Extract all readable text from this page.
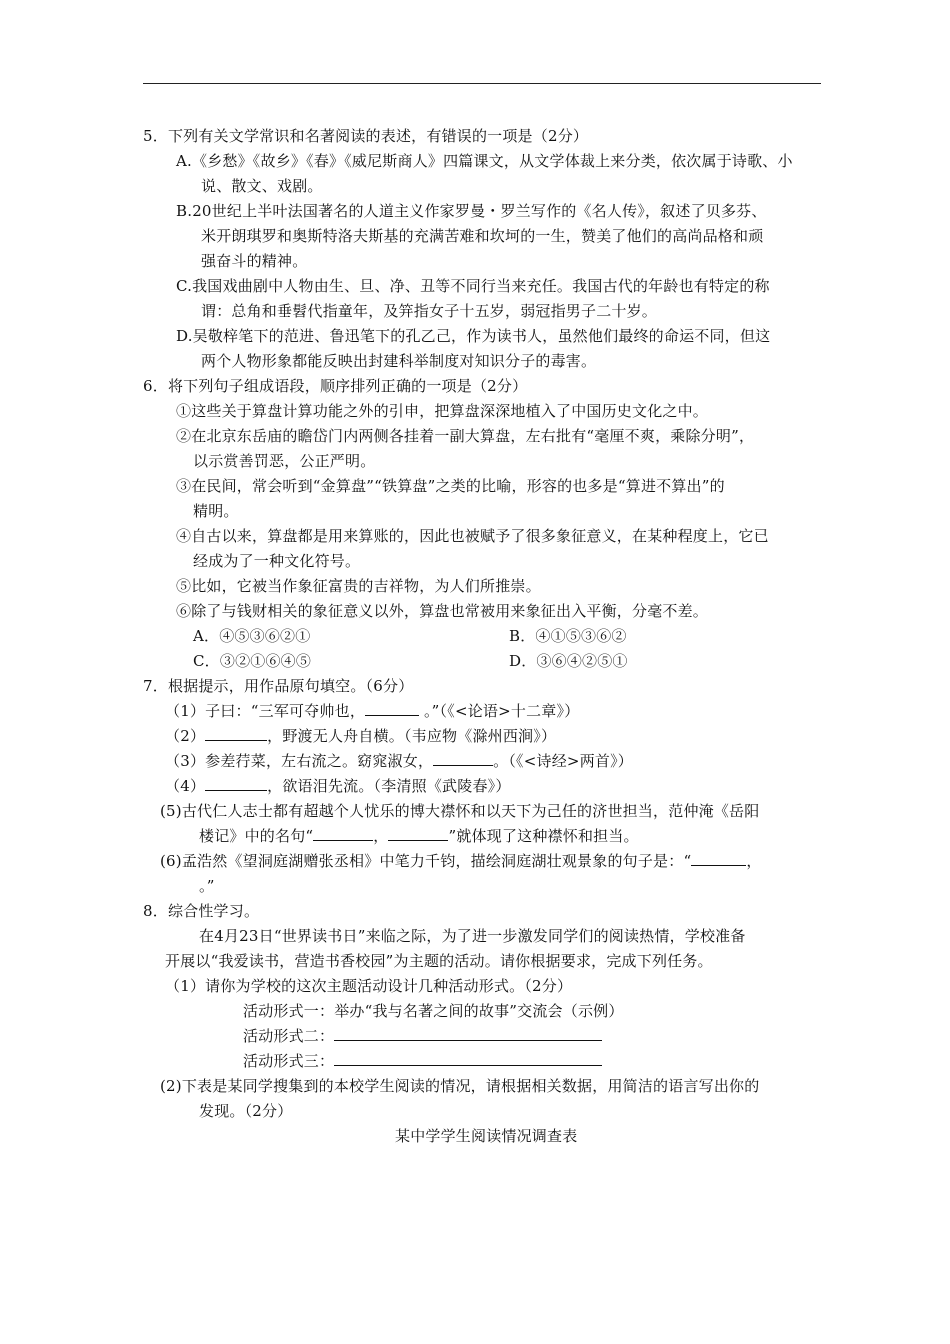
5．下列有关文学常识和名著阅读的表述，有错误的一项是（2分）
A.《乡愁》《故乡》《春》《威尼斯商人》四篇课文，从文学体裁上来分类，依次属于诗歌、小
说、散文、戏剧。
B.20世纪上半叶法国著名的人道主义作家罗曼・罗兰写作的《名人传》，叙述了贝多芬、
米开朗琪罗和奥斯特洛夫斯基的充满苦难和坎坷的一生，赞美了他们的高尚品格和顽
强奋斗的精神。
C.我国戏曲剧中人物由生、旦、净、丑等不同行当来充任。我国古代的年龄也有特定的称
谓：总角和垂髫代指童年，及笄指女子十五岁，弱冠指男子二十岁。
D.吴敬梓笔下的范进、鲁迅笔下的孔乙己，作为读书人，虽然他们最终的命运不同，但这
两个人物形象都能反映出封建科举制度对知识分子的毒害。
6．将下列句子组成语段，顺序排列正确的一项是（2分）
①这些关于算盘计算功能之外的引申，把算盘深深地植入了中国历史文化之中。
②在北京东岳庙的瞻岱门内两侧各挂着一副大算盘，左右批有“毫厘不爽，乘除分明”，
以示赏善罚恶，公正严明。
③在民间，常会听到“金算盘”“铁算盘”之类的比喻，形容的也多是“算进不算出”的
精明。
④自古以来，算盘都是用来算账的，因此也被赋予了很多象征意义，在某种程度上，它已
经成为了一种文化符号。
⑤比如，它被当作象征富贵的吉祥物，为人们所推崇。
⑥除了与钱财相关的象征意义以外，算盘也常被用来象征出入平衡，分毫不差。
A．④⑤③⑥②①	B．④①⑤③⑥②
C．③②①⑥④⑤	D．③⑥④②⑤①
7．根据提示，用作品原句填空。（6分）
（1）子曰：“三军可夺帅也，	。”（《<论语>十二章》）
（2）	，野渡无人舟自横。（韦应物《滁州西涧》）
（3）参差荇菜，左右流之。窈窕淑女，	。（《<诗经>两首》）
（4）	，欲语泪先流。（李清照《武陵春》）
(5)古代仁人志士都有超越个人忧乐的博大襟怀和以天下为己任的济世担当，范仲淹《岳阳
楼记》中的名句“	，	”就体现了这种襟怀和担当。
(6)孟浩然《望洞庭湖赠张丞相》中笔力千钧，描绘洞庭湖壮观景象的句子是：“	，
。”
8．综合性学习。
在4月23日“世界读书日”来临之际，为了进一步激发同学们的阅读热情，学校准备
开展以“我爱读书，营造书香校园”为主题的活动。请你根据要求，完成下列任务。
（1）请你为学校的这次主题活动设计几种活动形式。（2分）
活动形式一：举办“我与名著之间的故事”交流会（示例）
活动形式二：
活动形式三：
(2)下表是某同学搜集到的本校学生阅读的情况，请根据相关数据，用简洁的语言写出你的
发现。（2分）
某中学学生阅读情况调查表
